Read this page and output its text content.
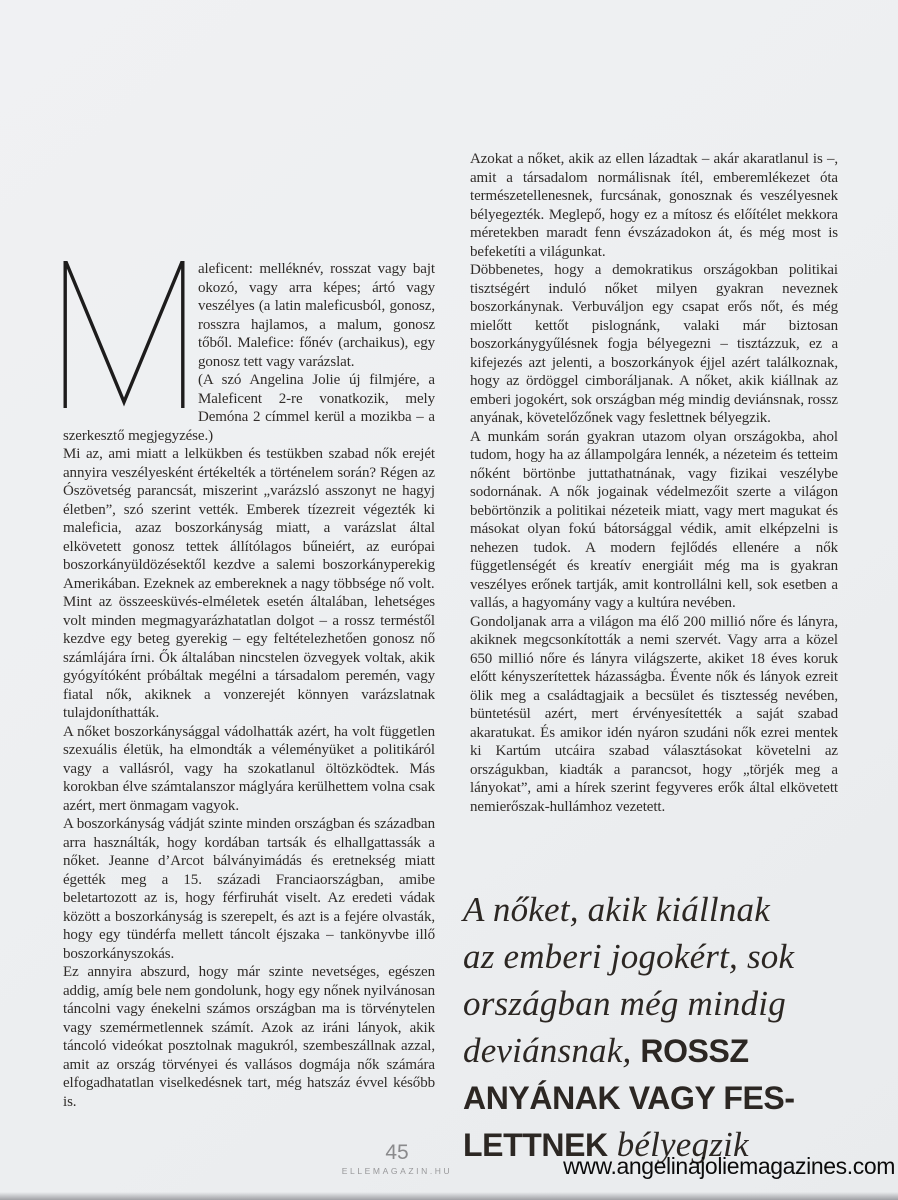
aleficent: melléknév, rosszat vagy bajt okozó, vagy arra képes; ártó vagy veszélyes (a latin maleficusból, gonosz, rosszra hajlamos, a malum, gonosz tőből. Malefice: főnév (archaikus), egy gonosz tett vagy varázslat.

(A szó Angelina Jolie új filmjére, a Maleficent 2-re vonatkozik, mely Demóna 2 címmel kerül a mozikba – a szerkesztő megjegyzése.)

Mi az, ami miatt a lelkükben és testükben szabad nők erejét annyira veszélyesként értékelték a történelem során? Régen az Ószövetség parancsát, miszerint „varázsló asszonyt ne hagyj életben”, szó szerint vették. Emberek tízezreit végezték ki maleficia, azaz boszorkányság miatt, a varázslat által elkövetett gonosz tettek állítólagos bűneiért, az európai boszorkányüldözésektől kezdve a salemi boszorkányperekig Amerikában. Ezeknek az embereknek a nagy többsége nő volt.

Mint az összeesküvés-elméletek esetén általában, lehetséges volt minden megmagyarázhatatlan dolgot – a rossz terméstől kezdve egy beteg gyerekig – egy feltételezhetően gonosz nő számlájára írni. Ők általában nincstelen özvegyek voltak, akik gyógyítóként próbáltak megélni a társadalom peremén, vagy fiatal nők, akiknek a vonzerejét könnyen varázslatnak tulajdoníthatták.

A nőket boszorkánysággal vádolhatták azért, ha volt független szexuális életük, ha elmondták a véleményüket a politikáról vagy a vallásról, vagy ha szokatlanul öltözködtek. Más korokban élve számtalanszor máglyára kerülhettem volna csak azért, mert önmagam vagyok.

A boszorkányság vádját szinte minden országban és században arra használták, hogy kordában tartsák és elhallgattassák a nőket. Jeanne d’Arcot bálványimádás és eretnekség miatt égették meg a 15. századi Franciaországban, amibe beletartozott az is, hogy férfiruhát viselt. Az eredeti vádak között a boszorkányság is szerepelt, és azt is a fejére olvasták, hogy egy tündérfa mellett táncolt éjszaka – tankönyvbe illő boszorkányszokás.

Ez annyira abszurd, hogy már szinte nevetséges, egészen addig, amíg bele nem gondolunk, hogy egy nőnek nyilvánosan táncolni vagy énekelni számos országban ma is törvénytelen vagy szemérmetlennek számít. Azok az iráni lányok, akik táncoló videókat posztolnak magukról, szembeszállnak azzal, amit az ország törvényei és vallásos dogmája nők számára elfogadhatatlan viselkedésnek tart, még hatszáz évvel később is.

Azokat a nőket, akik az ellen lázadtak – akár akaratlanul is –, amit a társadalom normálisnak ítél, emberemlékezet óta természetellenesnek, furcsának, gonosznak és veszélyesnek bélyegezték. Meglepő, hogy ez a mítosz és előítélet mekkora méretekben maradt fenn évszázadokon át, és még most is befeketíti a világunkat.

Döbbenetes, hogy a demokratikus országokban politikai tisztségért induló nőket milyen gyakran neveznek boszorkánynak. Verbuváljon egy csapat erős nőt, és még mielőtt kettőt pislognánk, valaki már biztosan boszorkánygyűlésnek fogja bélyegezni – tisztázzuk, ez a kifejezés azt jelenti, a boszorkányok éjjel azért találkoznak, hogy az ördöggel cimboráljanak. A nőket, akik kiállnak az emberi jogokért, sok országban még mindig deviánsnak, rossz anyának, követelőzőnek vagy feslettnek bélyegzik.

A munkám során gyakran utazom olyan országokba, ahol tudom, hogy ha az állampolgára lennék, a nézeteim és tetteim nőként börtönbe juttathatnának, vagy fizikai veszélybe sodornának. A nők jogainak védelmezőit szerte a világon bebörtönzik a politikai nézeteik miatt, vagy mert magukat és másokat olyan fokú bátorsággal védik, amit elképzelni is nehezen tudok. A modern fejlődés ellenére a nők függetlenségét és kreatív energiáit még ma is gyakran veszélyes erőnek tartják, amit kontrollálni kell, sok esetben a vallás, a hagyomány vagy a kultúra nevében.

Gondoljanak arra a világon ma élő 200 millió nőre és lányra, akiknek megcsonkították a nemi szervét. Vagy arra a közel 650 millió nőre és lányra világszerte, akiket 18 éves koruk előtt kényszerítettek házasságba. Évente nők és lányok ezreit ölik meg a családtagjaik a becsület és tisztesség nevében, büntetésül azért, mert érvényesítették a saját szabad akaratukat. És amikor idén nyáron szudáni nők ezrei mentek ki Kartúm utcáira szabad választásokat követelni az országukban, kiadták a parancsot, hogy „törjék meg a lányokat”, ami a hírek szerint fegyveres erők által elkövetett nemierőszak-hullámhoz vezetett.

A nőket, akik kiállnak
az emberi jogokért, sok
országban még mindig
deviánsnak, ROSSZ
ANYÁNAK VAGY FES-
LETTNEK bélyegzik
45
ELLEMAGAZIN.HU	www.angelinajoliemagazines.com
